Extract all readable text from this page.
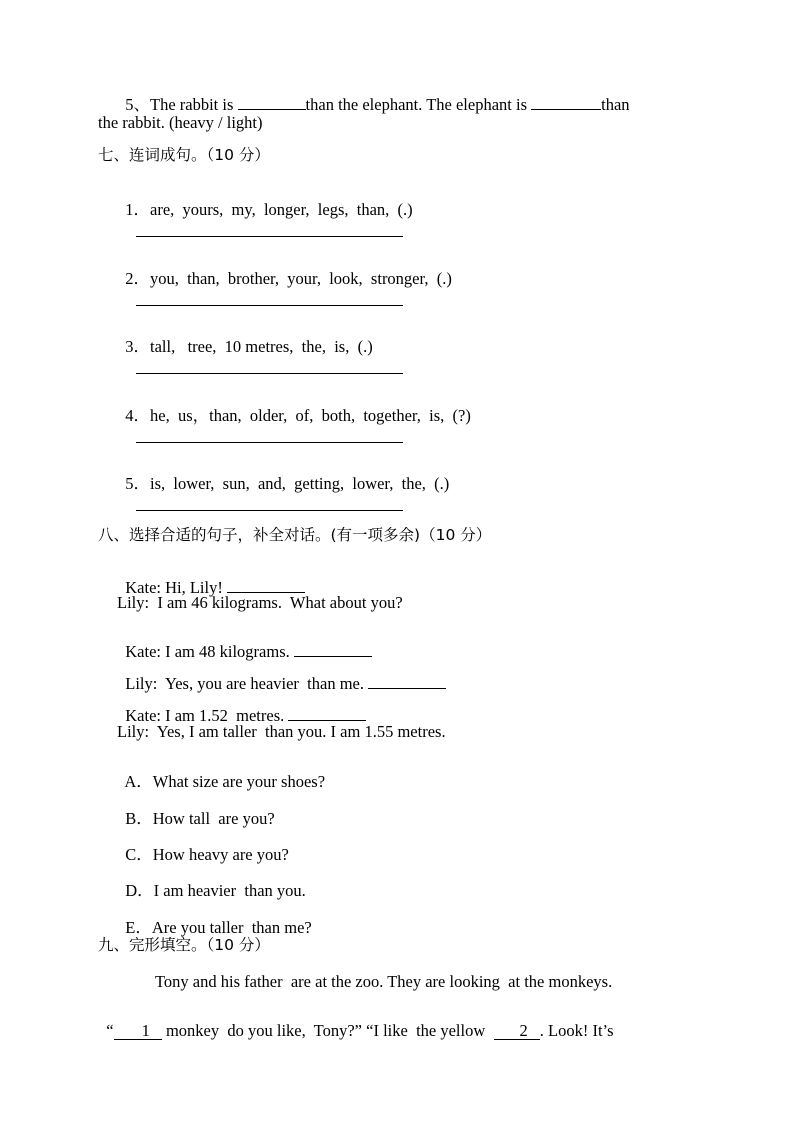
5、The rabbit is	than the elephant. The elephant is	than

the rabbit. (heavy / light)
七、连词成句。（10 分）

1．are,  yours,  my,  longer,  legs,  than,  (.)

2．you,  than,  brother,  your,  look,  stronger,  (.)

3．tall,   tree,  10 metres,  the,  is,  (.)

4．he,  us，than,  older,  of,  both,  together,  is,  (?)

5．is,  lower,  sun,  and,  getting,  lower,  the,  (.)

八、选择合适的句子，补全对话。(有一项多余)（10 分）

Kate: Hi, Lily!

Lily:  I am 46 kilograms.  What about you?

Kate: I am 48 kilograms.

Lily:  Yes, you are heavier  than me.

Kate: I am 1.52  metres.

Lily:  Yes, I am taller  than you. I am 1.55 metres.

A．What size are your shoes?

B．How tall  are you?

C．How heavy are you?

D．I am heavier  than you.

E．Are you taller  than me?

九、完形填空。（10 分）
Tony and his father  are at the zoo. They are looking  at the monkeys.

“ 1 monkey  do you like,  Tony?” “I like  the yellow  2 . Look! It’s
